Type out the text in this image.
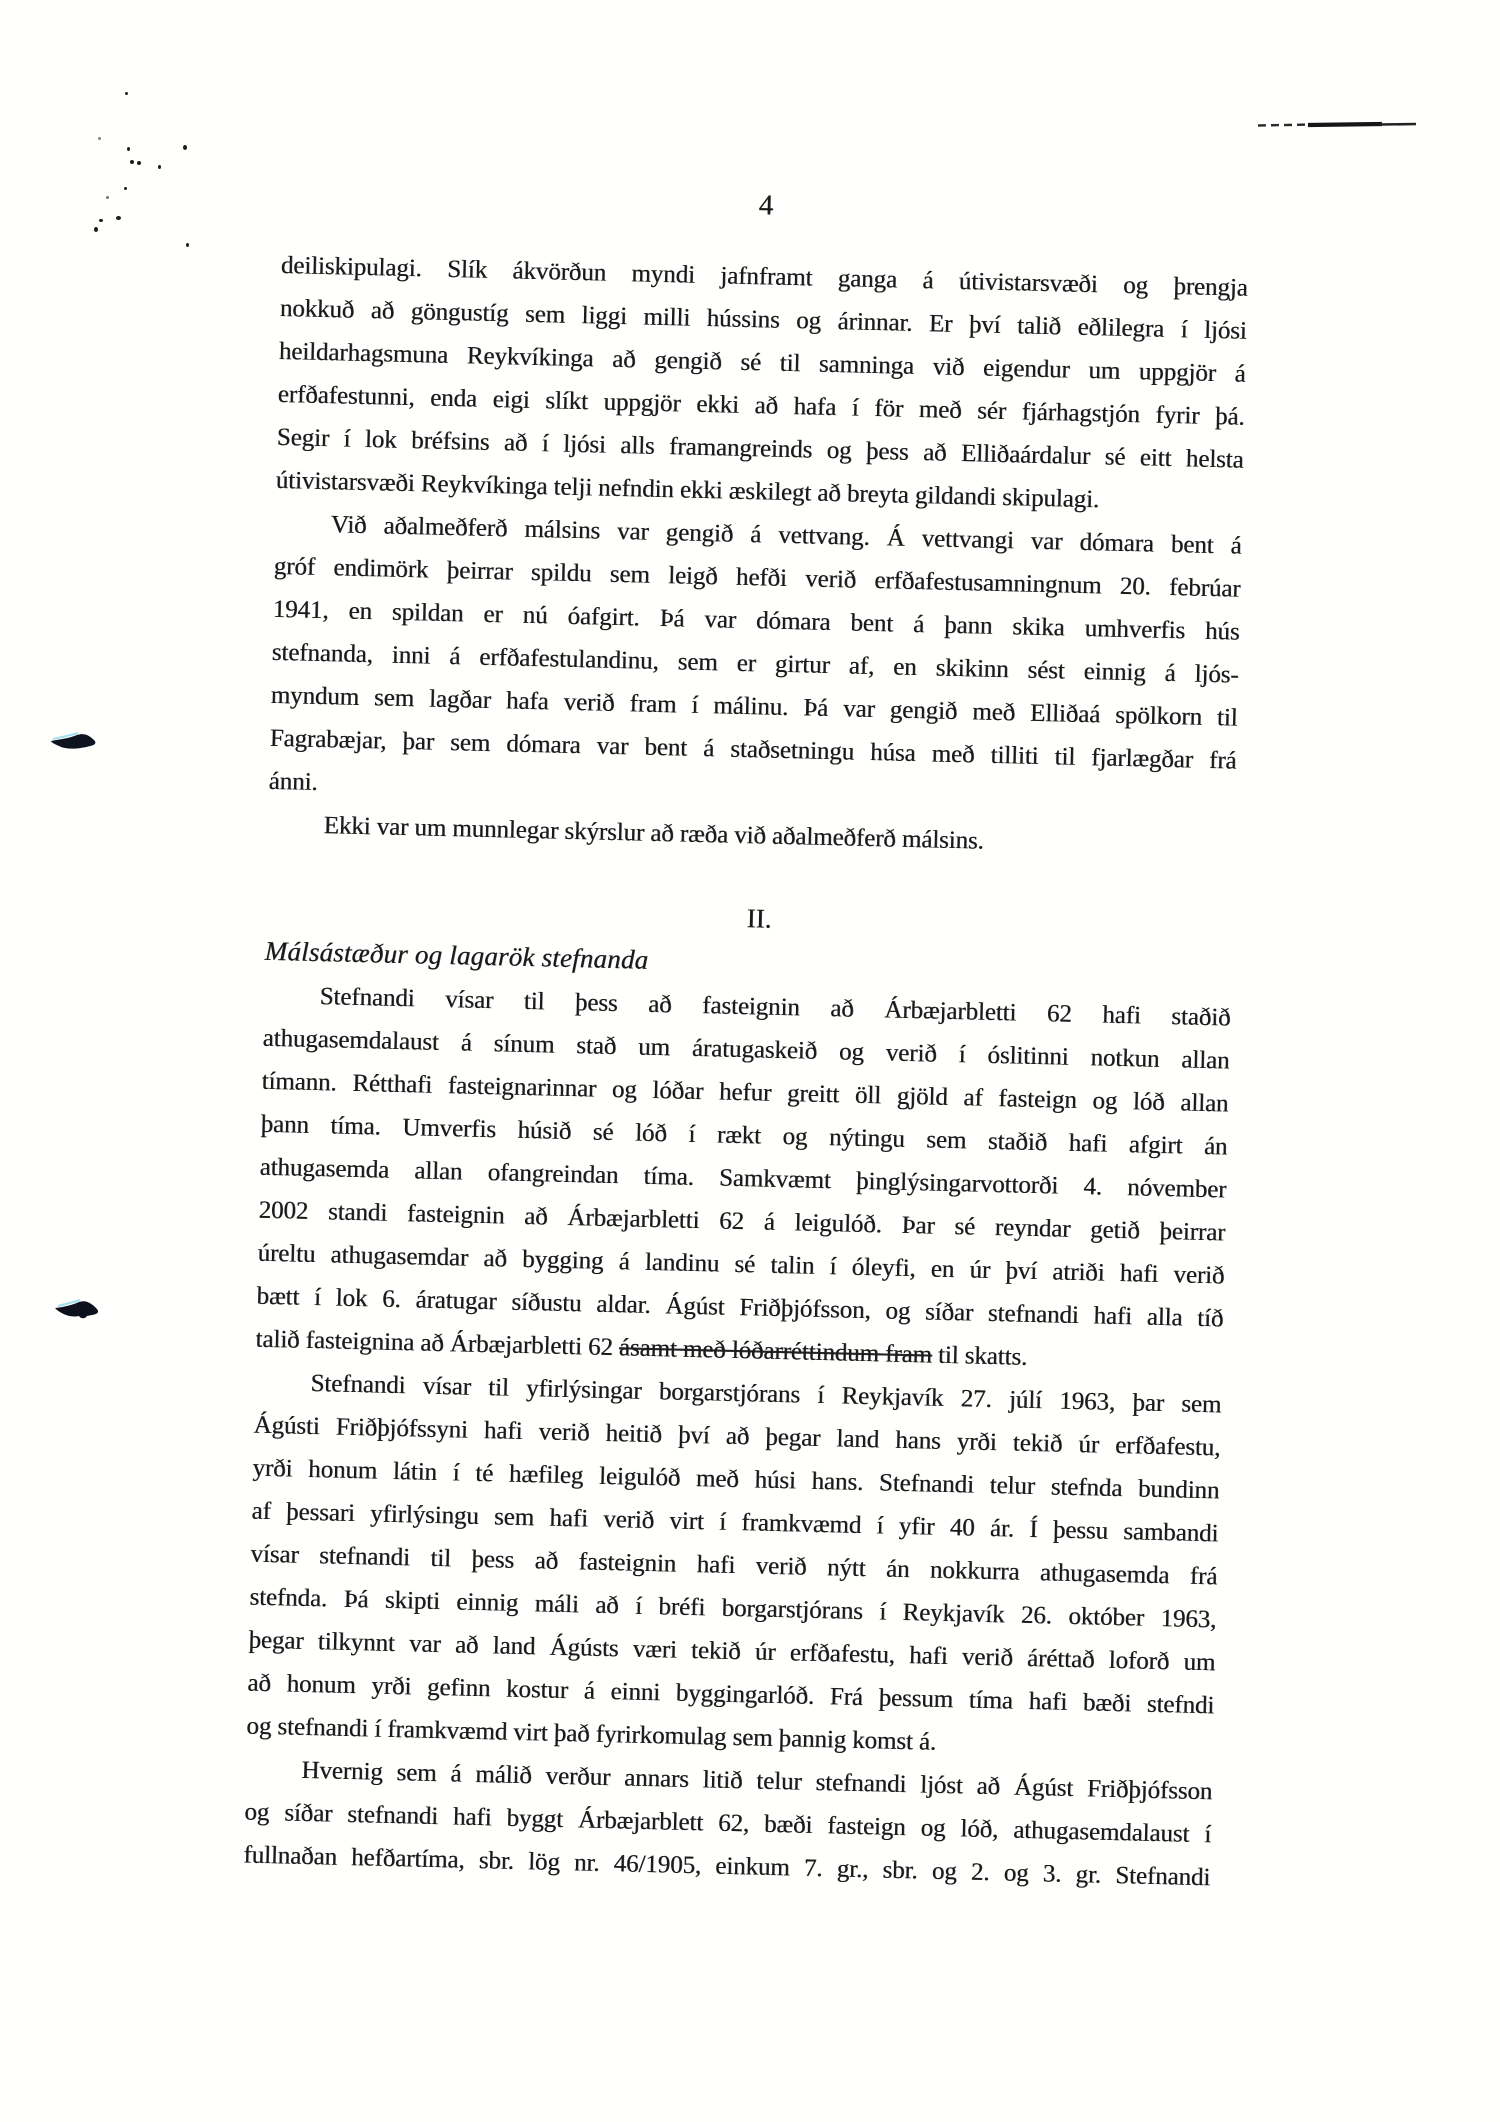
4
deiliskipulagi. Slík ákvörðun myndi jafnframt ganga á útivistarsvæði og þrengja
nokkuð að göngustíg sem liggi milli hússins og árinnar. Er því talið eðlilegra í ljósi
heildarhagsmuna Reykvíkinga að gengið sé til samninga við eigendur um uppgjör á
erfðafestunni, enda eigi slíkt uppgjör ekki að hafa í för með sér fjárhagstjón fyrir þá.
Segir í lok bréfsins að í ljósi alls framangreinds og þess að Elliðaárdalur sé eitt helsta
útivistarsvæði Reykvíkinga telji nefndin ekki æskilegt að breyta gildandi skipulagi.
Við aðalmeðferð málsins var gengið á vettvang. Á vettvangi var dómara bent á
gróf endimörk þeirrar spildu sem leigð hefði verið erfðafestusamningnum 20. febrúar
1941, en spildan er nú óafgirt. Þá var dómara bent á þann skika umhverfis hús
stefnanda, inni á erfðafestulandinu, sem er girtur af, en skikinn sést einnig á ljós-
myndum sem lagðar hafa verið fram í málinu. Þá var gengið með Elliðaá spölkorn til
Fagrabæjar, þar sem dómara var bent á staðsetningu húsa með tilliti til fjarlægðar frá
ánni.
Ekki var um munnlegar skýrslur að ræða við aðalmeðferð málsins.
II.
Málsástæður og lagarök stefnanda
Stefnandi vísar til þess að fasteignin að Árbæjarbletti 62 hafi staðið
athugasemdalaust á sínum stað um áratugaskeið og verið í óslitinni notkun allan
tímann. Rétthafi fasteignarinnar og lóðar hefur greitt öll gjöld af fasteign og lóð allan
þann tíma. Umverfis húsið sé lóð í rækt og nýtingu sem staðið hafi afgirt án
athugasemda allan ofangreindan tíma. Samkvæmt þinglýsingarvottorði 4. nóvember
2002 standi fasteignin að Árbæjarbletti 62 á leigulóð. Þar sé reyndar getið þeirrar
úreltu athugasemdar að bygging á landinu sé talin í óleyfi, en úr því atriði hafi verið
bætt í lok 6. áratugar síðustu aldar. Ágúst Friðþjófsson, og síðar stefnandi hafi alla tíð
talið fasteignina að Árbæjarbletti 62 ásamt með lóðarréttindum fram til skatts.
Stefnandi vísar til yfirlýsingar borgarstjórans í Reykjavík 27. júlí 1963, þar sem
Ágústi Friðþjófssyni hafi verið heitið því að þegar land hans yrði tekið úr erfðafestu,
yrði honum látin í té hæfileg leigulóð með húsi hans. Stefnandi telur stefnda bundinn
af þessari yfirlýsingu sem hafi verið virt í framkvæmd í yfir 40 ár. Í þessu sambandi
vísar stefnandi til þess að fasteignin hafi verið nýtt án nokkurra athugasemda frá
stefnda. Þá skipti einnig máli að í bréfi borgarstjórans í Reykjavík 26. október 1963,
þegar tilkynnt var að land Ágústs væri tekið úr erfðafestu, hafi verið áréttað loforð um
að honum yrði gefinn kostur á einni byggingarlóð. Frá þessum tíma hafi bæði stefndi
og stefnandi í framkvæmd virt það fyrirkomulag sem þannig komst á.
Hvernig sem á málið verður annars litið telur stefnandi ljóst að Ágúst Friðþjófsson
og síðar stefnandi hafi byggt Árbæjarblett 62, bæði fasteign og lóð, athugasemdalaust í
fullnaðan hefðartíma, sbr. lög nr. 46/1905, einkum 7. gr., sbr. og 2. og 3. gr. Stefnandi
